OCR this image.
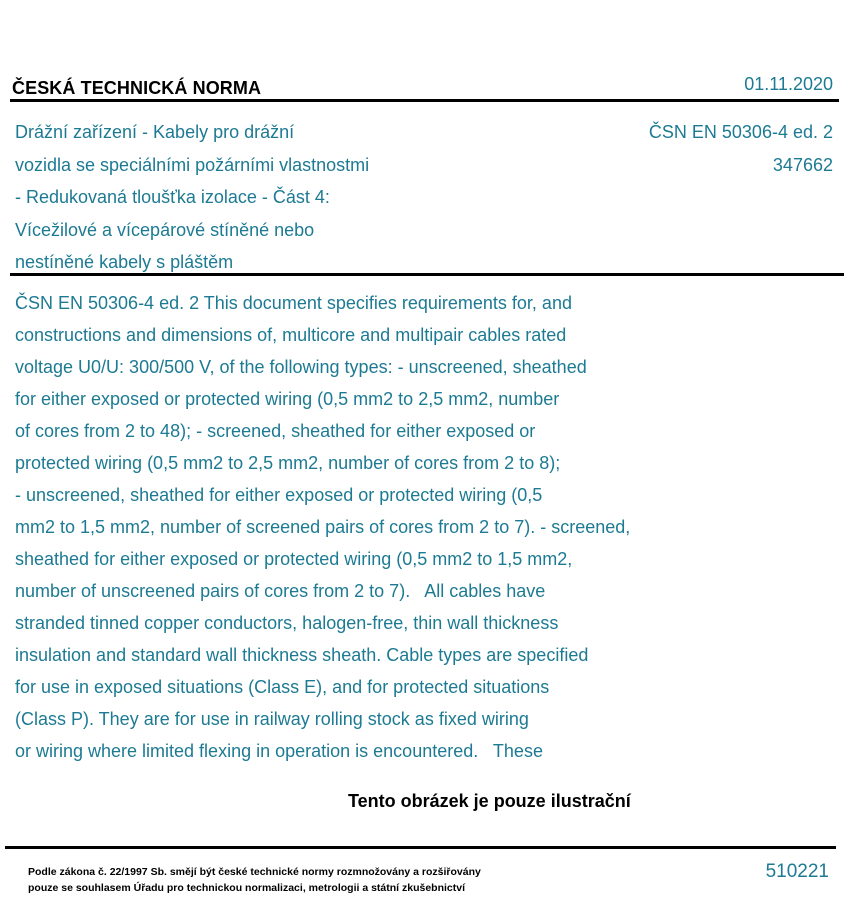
ČESKÁ TECHNICKÁ NORMA	01.11.2020
Drážní zařízení - Kabely pro drážní
vozidla se speciálními požárními vlastnostmi
- Redukovaná tloušťka izolace - Část 4:
Vícežilové a vícepárové stíněné nebo
nestíněné kabely s pláštěm
ČSN EN 50306-4 ed. 2
347662
ČSN EN 50306-4 ed. 2 This document specifies requirements for, and
constructions and dimensions of, multicore and multipair cables rated
voltage U0/U: 300/500 V, of the following types: - unscreened, sheathed
for either exposed or protected wiring (0,5 mm2 to 2,5 mm2, number
of cores from 2 to 48); - screened, sheathed for either exposed or
protected wiring (0,5 mm2 to 2,5 mm2, number of cores from 2 to 8);
- unscreened, sheathed for either exposed or protected wiring (0,5
mm2 to 1,5 mm2, number of screened pairs of cores from 2 to 7). - screened,
sheathed for either exposed or protected wiring (0,5 mm2 to 1,5 mm2,
number of unscreened pairs of cores from 2 to 7).   All cables have
stranded tinned copper conductors, halogen-free, thin wall thickness
insulation and standard wall thickness sheath. Cable types are specified
for use in exposed situations (Class E), and for protected situations
(Class P). They are for use in railway rolling stock as fixed wiring
or wiring where limited flexing in operation is encountered.   These
Tento obrázek je pouze ilustrační
Podle zákona č. 22/1997 Sb. smějí být české technické normy rozmnožovány a rozšiřovány
pouze se souhlasem Úřadu pro technickou normalizaci, metrologii a státní zkušebnictví
510221
